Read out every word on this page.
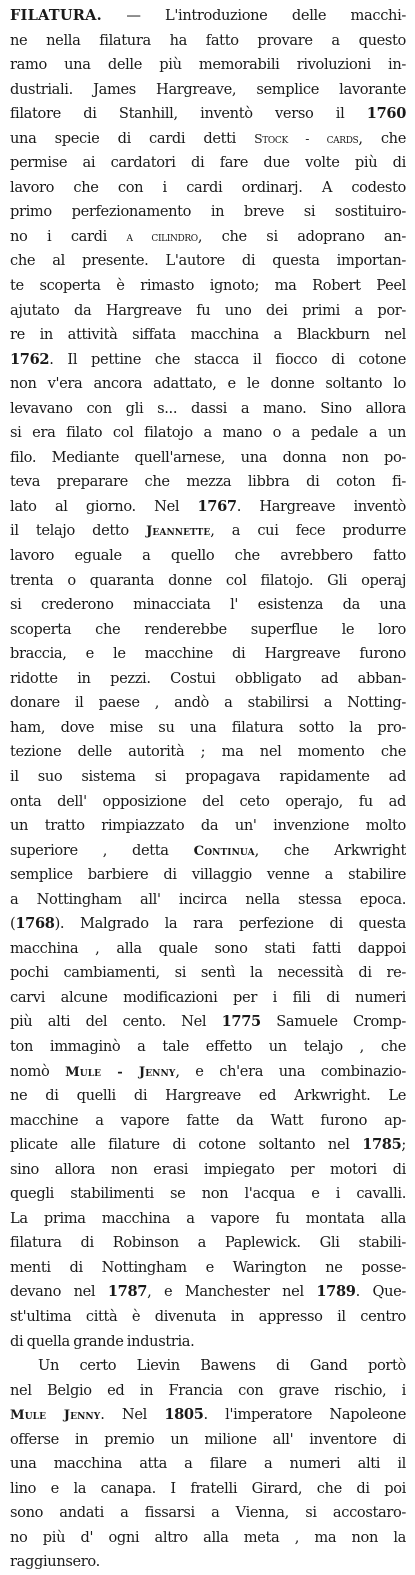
FILATURA. — L'introduzione delle macchi-
ne nella filatura ha fatto provare a questo
ramo una delle più memorabili rivoluzioni in-
dustriali. James Hargreave, semplice lavorante
filatore di Stanhill, inventò verso il 1760
una specie di cardi detti Stock - cards, che
permise ai cardatori di fare due volte più di
lavoro che con i cardi ordinarj. A codesto
primo perfezionamento in breve si sostituiro-
no i cardi a cilindro, che si adoprano an-
che al presente. L'autore di questa importan-
te scoperta è rimasto ignoto; ma Robert Peel
ajutato da Hargreave fu uno dei primi a por-
re in attività siffata macchina a Blackburn nel
1762. Il pettine che stacca il fiocco di cotone
non v'era ancora adattato, e le donne soltanto lo
levavano con gli s... dassi a mano. Sino allora
si era filato col filatojo a mano o a pedale a un
filo. Mediante quell'arnese, una donna non po-
teva preparare che mezza libbra di coton fi-
lato al giorno. Nel 1767. Hargreave inventò
il telajo detto Jeannette, a cui fece produrre
lavoro eguale a quello che avrebbero fatto
trenta o quaranta donne col filatojo. Gli operaj
si crederono minacciata l' esistenza da una
scoperta che renderebbe superflue le loro
braccia, e le macchine di Hargreave furono
ridotte in pezzi. Costui obbligato ad abban-
donare il paese , andò a stabilirsi a Notting-
ham, dove mise su una filatura sotto la pro-
tezione delle autorità ; ma nel momento che
il suo sistema si propagava rapidamente ad
onta dell' opposizione del ceto operajo, fu ad
un tratto rimpiazzato da un' invenzione molto
superiore , detta Continua, che Arkwright
semplice barbiere di villaggio venne a stabilire
a Nottingham all' incirca nella stessa epoca.
(1768). Malgrado la rara perfezione di questa
macchina , alla quale sono stati fatti dappoi
pochi cambiamenti, si sentì la necessità di re-
carvi alcune modificazioni per i fili di numeri
più alti del cento. Nel 1775 Samuele Cromp-
ton immaginò a tale effetto un telajo , che
nomò Mule - Jenny, e ch'era una combinazio-
ne di quelli di Hargreave ed Arkwright. Le
macchine a vapore fatte da Watt furono ap-
plicate alle filature di cotone soltanto nel 1785;
sino allora non erasi impiegato per motori di
quegli stabilimenti se non l'acqua e i cavalli.
La prima macchina a vapore fu montata alla
filatura di Robinson a Paplewick. Gli stabili-
menti di Nottingham e Warington ne posse-
devano nel 1787, e Manchester nel 1789. Que-
st'ultima città è divenuta in appresso il centro
di quella grande industria.
Un certo Lievin Bawens di Gand portò
nel Belgio ed in Francia con grave rischio, i
Mule Jenny. Nel 1805. l'imperatore Napoleone
offerse in premio un milione all' inventore di
una macchina atta a filare a numeri alti il
lino e la canapa. I fratelli Girard, che di poi
sono andati a fissarsi a Vienna, si accostaro-
no più d' ogni altro alla meta , ma non la
raggiunsero.
